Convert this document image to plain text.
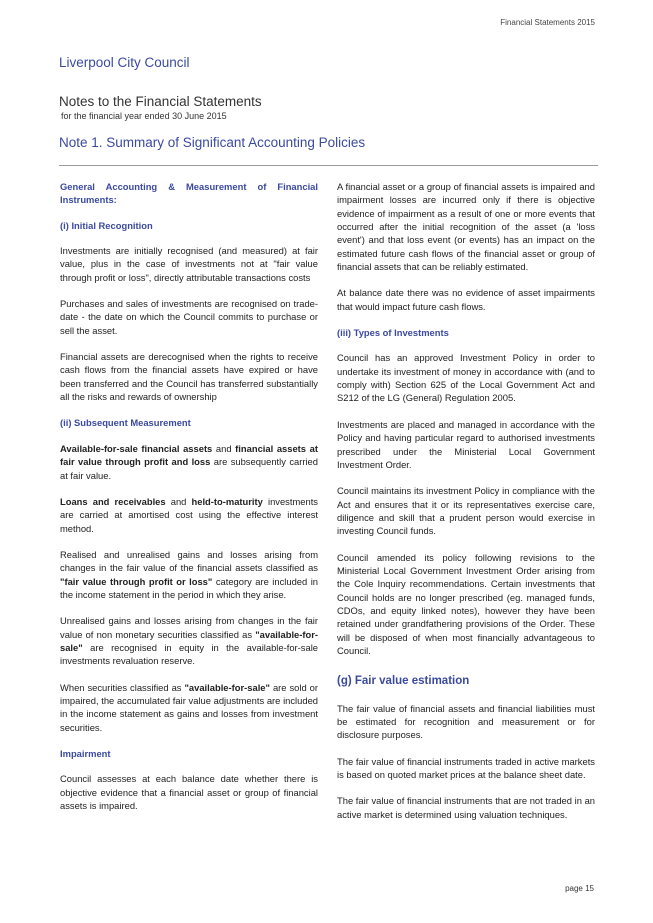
Financial Statements 2015
Liverpool City Council
Notes to the Financial Statements
for the financial year ended 30 June 2015
Note 1. Summary of Significant Accounting Policies
General Accounting & Measurement of Financial Instruments:
(i) Initial Recognition

Investments are initially recognised (and measured) at fair value, plus in the case of investments not at "fair value through profit or loss", directly attributable transactions costs

Purchases and sales of investments are recognised on trade-date - the date on which the Council commits to purchase or sell the asset.

Financial assets are derecognised when the rights to receive cash flows from the financial assets have expired or have been transferred and the Council has transferred substantially all the risks and rewards of ownership

(ii) Subsequent Measurement

Available-for-sale financial assets and financial assets at fair value through profit and loss are subsequently carried at fair value.

Loans and receivables and held-to-maturity investments are carried at amortised cost using the effective interest method.

Realised and unrealised gains and losses arising from changes in the fair value of the financial assets classified as "fair value through profit or loss" category are included in the income statement in the period in which they arise.

Unrealised gains and losses arising from changes in the fair value of non monetary securities classified as "available-for-sale" are recognised in equity in the available-for-sale investments revaluation reserve.

When securities classified as "available-for-sale" are sold or impaired, the accumulated fair value adjustments are included in the income statement as gains and losses from investment securities.

Impairment

Council assesses at each balance date whether there is objective evidence that a financial asset or group of financial assets is impaired.

A financial asset or a group of financial assets is impaired and impairment losses are incurred only if there is objective evidence of impairment as a result of one or more events that occurred after the initial recognition of the asset (a 'loss event') and that loss event (or events) has an impact on the estimated future cash flows of the financial asset or group of financial assets that can be reliably estimated.

At balance date there was no evidence of asset impairments that would impact future cash flows.

(iii) Types of Investments

Council has an approved Investment Policy in order to undertake its investment of money in accordance with (and to comply with) Section 625 of the Local Government Act and S212 of the LG (General) Regulation 2005.

Investments are placed and managed in accordance with the Policy and having particular regard to authorised investments prescribed under the Ministerial Local Government Investment Order.

Council maintains its investment Policy in compliance with the Act and ensures that it or its representatives exercise care, diligence and skill that a prudent person would exercise in investing Council funds.

Council amended its policy following revisions to the Ministerial Local Government Investment Order arising from the Cole Inquiry recommendations. Certain investments that Council holds are no longer prescribed (eg. managed funds, CDOs, and equity linked notes), however they have been retained under grandfathering provisions of the Order. These will be disposed of when most financially advantageous to Council.

(g) Fair value estimation

The fair value of financial assets and financial liabilities must be estimated for recognition and measurement or for disclosure purposes.

The fair value of financial instruments traded in active markets is based on quoted market prices at the balance sheet date.

The fair value of financial instruments that are not traded in an active market is determined using valuation techniques.

page 15
